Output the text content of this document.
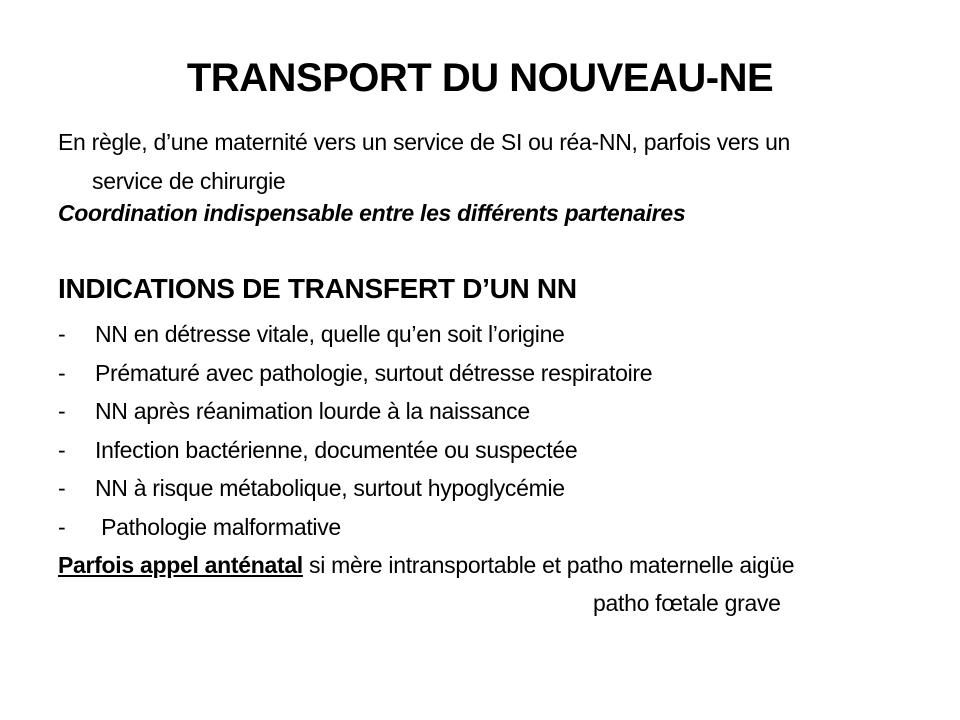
TRANSPORT DU NOUVEAU-NE
En règle, d’une maternité vers un service de SI ou réa-NN, parfois vers un
service de chirurgie
Coordination indispensable entre les différents partenaires
INDICATIONS DE TRANSFERT D’UN NN
-	NN en détresse vitale, quelle qu’en soit l’origine
-	Prématuré avec pathologie, surtout détresse respiratoire
-	NN après réanimation lourde à la naissance
-	Infection bactérienne, documentée ou suspectée
-	NN à risque métabolique, surtout hypoglycémie
-	Pathologie malformative
Parfois appel anténatal si mère intransportable et patho maternelle aigüe
patho fœtale grave
